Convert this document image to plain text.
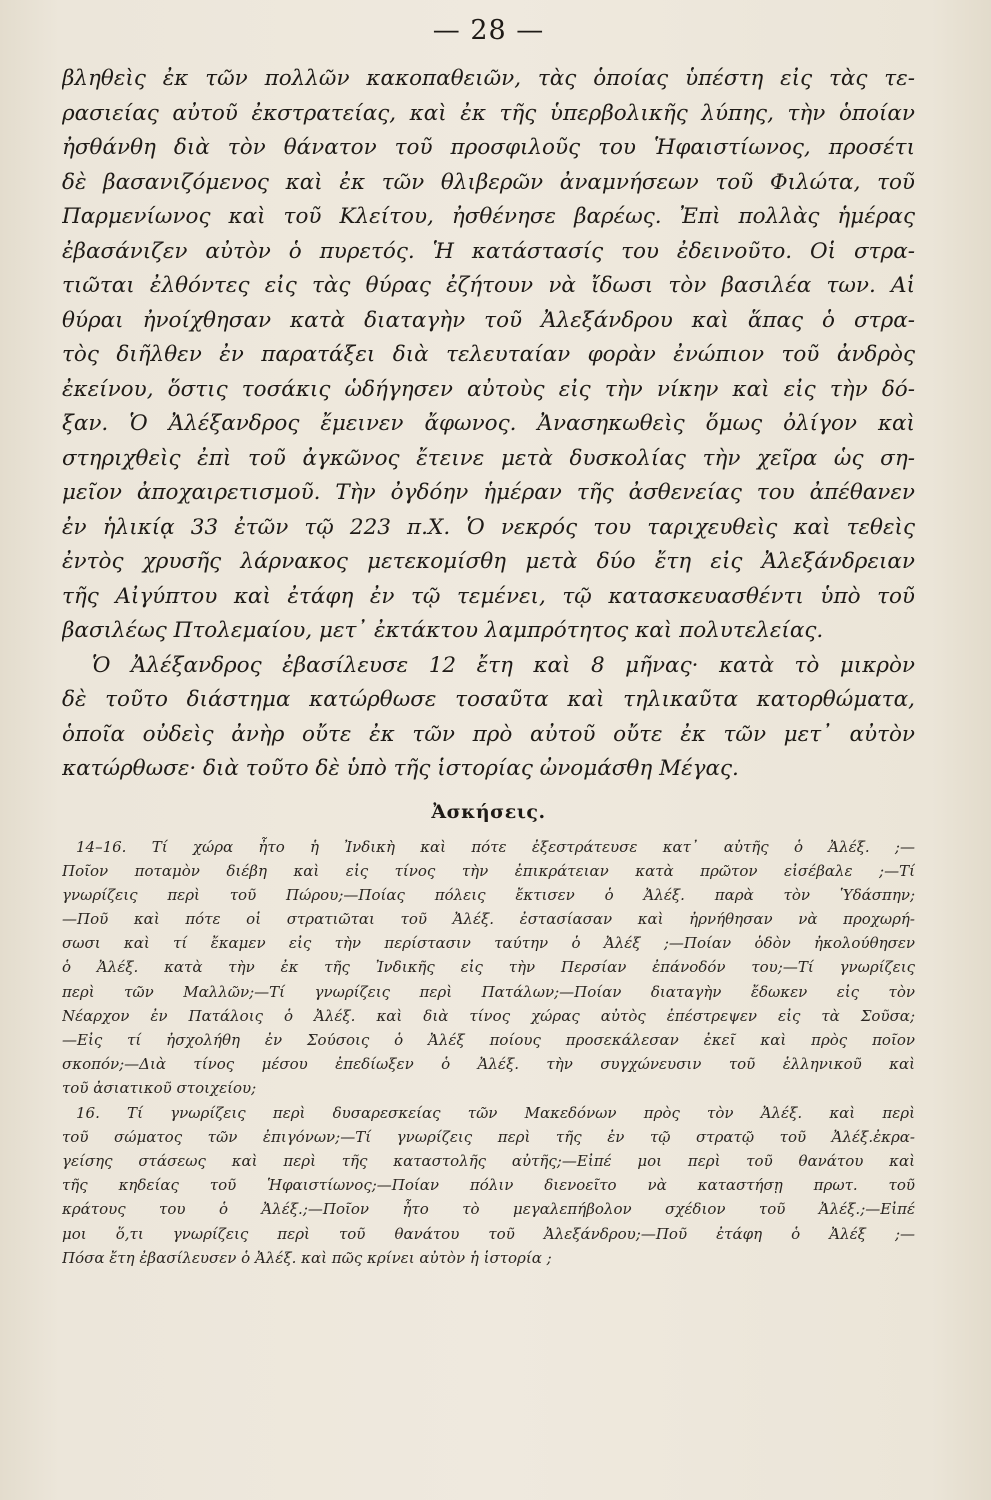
— 28 —
βληθεὶς ἐκ τῶν πολλῶν κακοπαθειῶν, τὰς ὁποίας ὑπέστη εἰς τὰς τε-
ρασιείας αὐτοῦ ἐκστρατείας, καὶ ἐκ τῆς ὑπερβολικῆς λύπης, τὴν ὁποίαν
ἠσθάνθη διὰ τὸν θάνατον τοῦ προσφιλοῦς του Ἡφαιστίωνος, προσέτι
δὲ βασανιζόμενος καὶ ἐκ τῶν θλιβερῶν ἀναμνήσεων τοῦ Φιλώτα, τοῦ
Παρμενίωνος καὶ τοῦ Κλείτου, ἠσθένησε βαρέως. Ἐπὶ πολλὰς ἡμέρας
ἐβασάνιζεν αὐτὸν ὁ πυρετός. Ἡ κατάστασίς του ἐδεινοῦτο. Οἱ στρα-
τιῶται ἐλθόντες εἰς τὰς θύρας ἐζήτουν νὰ ἴδωσι τὸν βασιλέα των. Αἱ
θύραι ἠνοίχθησαν κατὰ διαταγὴν τοῦ Ἀλεξάνδρου καὶ ἅπας ὁ στρα-
τὸς διῆλθεν ἐν παρατάξει διὰ τελευταίαν φορὰν ἐνώπιον τοῦ ἀνδρὸς
ἐκείνου, ὅστις τοσάκις ὡδήγησεν αὐτοὺς εἰς τὴν νίκην καὶ εἰς τὴν δό-
ξαν. Ὁ Ἀλέξανδρος ἔμεινεν ἄφωνος. Ἀνασηκωθεὶς ὅμως ὀλίγον καὶ
στηριχθεὶς ἐπὶ τοῦ ἀγκῶνος ἔτεινε μετὰ δυσκολίας τὴν χεῖρα ὡς ση-
μεῖον ἀποχαιρετισμοῦ. Τὴν ὀγδόην ἡμέραν τῆς ἀσθενείας του ἀπέθανεν
ἐν ἡλικίᾳ 33 ἐτῶν τῷ 223 π.Χ. Ὁ νεκρός του ταριχευθεὶς καὶ τεθεὶς
ἐντὸς χρυσῆς λάρνακος μετεκομίσθη μετὰ δύο ἔτη εἰς Ἀλεξάνδρειαν
τῆς Αἰγύπτου καὶ ἐτάφη ἐν τῷ τεμένει, τῷ κατασκευασθέντι ὑπὸ τοῦ
βασιλέως Πτολεμαίου, μετ᾽ ἐκτάκτου λαμπρότητος καὶ πολυτελείας.
Ὁ Ἀλέξανδρος ἐβασίλευσε 12 ἔτη καὶ 8 μῆνας· κατὰ τὸ μικρὸν
δὲ τοῦτο διάστημα κατώρθωσε τοσαῦτα καὶ τηλικαῦτα κατορθώματα,
ὁποῖα οὐδεὶς ἀνὴρ οὔτε ἐκ τῶν πρὸ αὐτοῦ οὔτε ἐκ τῶν μετ᾽ αὐτὸν
κατώρθωσε· διὰ τοῦτο δὲ ὑπὸ τῆς ἱστορίας ὠνομάσθη Μέγας.
Ἀσκήσεις.
14–16. Τί χώρα ἦτο ἡ Ἰνδικὴ καὶ πότε ἐξεστράτευσε κατ᾽ αὐτῆς ὁ Ἀλέξ. ;—
Ποῖον ποταμὸν διέβη καὶ εἰς τίνος τὴν ἐπικράτειαν κατὰ πρῶτον εἰσέβαλε ;—Τί
γνωρίζεις περὶ τοῦ Πώρου;—Ποίας πόλεις ἔκτισεν ὁ Ἀλέξ. παρὰ τὸν Ὑδάσπην;
—Ποῦ καὶ πότε οἱ στρατιῶται τοῦ Ἀλέξ. ἐστασίασαν καὶ ἠρνήθησαν νὰ προχωρή-
σωσι καὶ τί ἔκαμεν εἰς τὴν περίστασιν ταύτην ὁ Ἀλέξ ;—Ποίαν ὁδὸν ἠκολούθησεν
ὁ Ἀλέξ. κατὰ τὴν ἐκ τῆς Ἰνδικῆς εἰς τὴν Περσίαν ἐπάνοδόν του;—Τί γνωρίζεις
περὶ τῶν Μαλλῶν;—Τί γνωρίζεις περὶ Πατάλων;—Ποίαν διαταγὴν ἔδωκεν εἰς τὸν
Νέαρχον ἐν Πατάλοις ὁ Ἀλέξ. καὶ διὰ τίνος χώρας αὐτὸς ἐπέστρεψεν εἰς τὰ Σοῦσα;
—Εἰς τί ἠσχολήθη ἐν Σούσοις ὁ Ἀλέξ ποίους προσεκάλεσαν ἐκεῖ καὶ πρὸς ποῖον
σκοπόν;—Διὰ τίνος μέσου ἐπεδίωξεν ὁ Ἀλέξ. τὴν συγχώνευσιν τοῦ ἑλληνικοῦ καὶ
τοῦ ἀσιατικοῦ στοιχείου;
16. Τί γνωρίζεις περὶ δυσαρεσκείας τῶν Μακεδόνων πρὸς τὸν Ἀλέξ. καὶ περὶ
τοῦ σώματος τῶν ἐπιγόνων;—Τί γνωρίζεις περὶ τῆς ἐν τῷ στρατῷ τοῦ Ἀλέξ.ἐκρα-
γείσης στάσεως καὶ περὶ τῆς καταστολῆς αὐτῆς;—Εἰπέ μοι περὶ τοῦ θανάτου καὶ
τῆς κηδείας τοῦ Ἡφαιστίωνος;—Ποίαν πόλιν διενοεῖτο νὰ καταστήσῃ πρωτ. τοῦ
κράτους του ὁ Ἀλέξ.;—Ποῖον ἦτο τὸ μεγαλεπήβολον σχέδιον τοῦ Ἀλέξ.;—Εἰπέ
μοι ὅ,τι γνωρίζεις περὶ τοῦ θανάτου τοῦ Ἀλεξάνδρου;—Ποῦ ἐτάφη ὁ Ἀλέξ ;—
Πόσα ἔτη ἐβασίλευσεν ὁ Ἀλέξ. καὶ πῶς κρίνει αὐτὸν ἡ ἱστορία ;
